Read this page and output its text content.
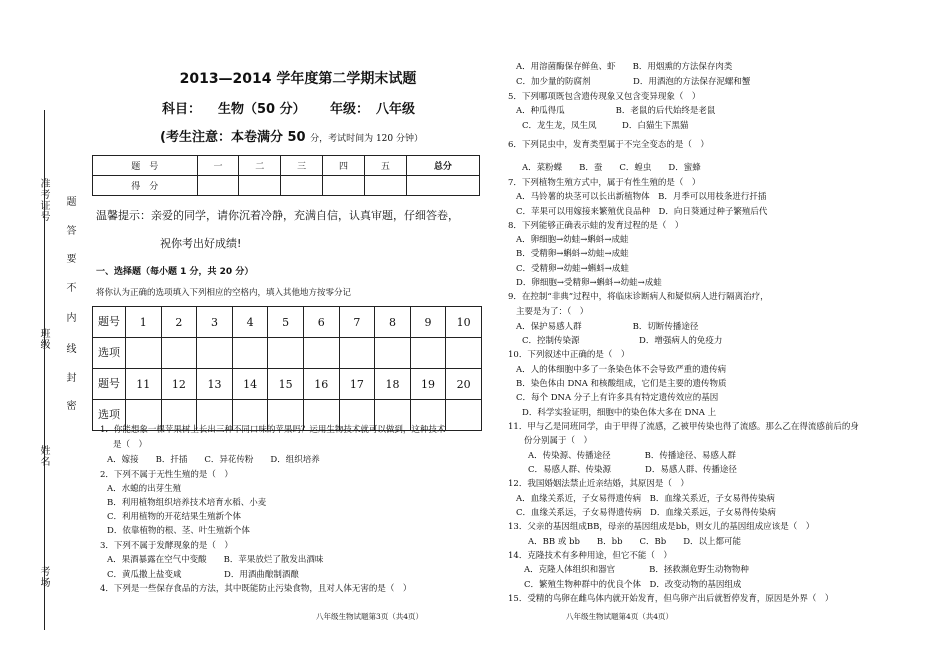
准考证号
班级
姓名
考场
题
答
要
不
内
线
封
密
2013—2014 学年度第二学期末试题
科目： 生物（50 分） 年级： 八年级
(考生注意：本卷满分 50 分，考试时间为 120 分钟）
题　号	一	二	三	四	五	总分
得　分						
温馨提示：亲爱的同学，请你沉着冷静，充满自信，认真审题，仔细答卷，
祝你考出好成绩!
一、选择题（每小题 1 分，共 20 分）
将你认为正确的选项填入下列相应的空格内，填入其他地方按零分记
题号	1	2	3	4	5	6	7	8	9	10
选项										
题号	11	12	13	14	15	16	17	18	19	20
选项										
1．你能想象一棵苹果树上长出三种不同口味的苹果吗？运用生物技术就可以做到，这种技术
是（　）
A．嫁接　　B．扦插　　C．异花传粉　　D．组织培养
2．下列不属于无性生殖的是（　）
A．水螅的出芽生殖
B．利用植物组织培养技术培育水稻、小麦
C．利用植物的开花结果生殖新个体
D．依靠植物的根、茎、叶生殖新个体
3．下列不属于发酵现象的是（　）
A．果酒暴露在空气中变酸　　B．苹果放烂了散发出酒味
C．黄瓜撒上盐变咸　　　　　D．用酒曲酿制酒酿
4．下列是一些保存食品的方法，其中既能防止污染食物，且对人体无害的是（　）
A．用溶菌酶保存鲜鱼、虾　　B．用烟熏的方法保存肉类
C．加少量的防腐剂　　　　　D．用酒泡的方法保存泥螺和蟹
5．下列哪项既包含遗传现象又包含变异现象（　）
A．种瓜得瓜　　　　　　B．老鼠的后代始终是老鼠
C．龙生龙，凤生凤　　　D．白猫生下黑猫
6．下列昆虫中，发育类型属于不完全变态的是（　）
A．菜粉蝶　　B．蚕　　C．蝗虫　　D．蜜蜂
7．下列植物生殖方式中，属于有性生殖的是（　）
A．马铃薯的块茎可以长出新植物体　B．月季可以用枝条进行扦插
C．苹果可以用嫁接来繁殖优良品种　D．向日葵通过种子繁殖后代
8．下列能够正确表示蛙的发育过程的是（　）
A．卵细胞→幼蛙→蝌蚪→成蛙
B．受精卵→蝌蚪→幼蛙→成蛙
C．受精卵→幼蛙→蝌蚪→成蛙
D．卵细胞→受精卵→蝌蚪→幼蛙→成蛙
9．在控制“非典”过程中，将临床诊断病人和疑似病人进行隔离治疗，
主要是为了：（　）
A．保护易感人群　　　　　　B．切断传播途径
C．控制传染源　　　　　　　D．增强病人的免疫力
10．下列叙述中正确的是（　）
A．人的体细胞中多了一条染色体不会导致严重的遗传病
B．染色体由 DNA 和核酸组成，它们是主要的遗传物质
C．每个 DNA 分子上有许多具有特定遗传效应的基因
D．科学实验证明，细胞中的染色体大多在 DNA 上
11．甲与乙是同班同学，由于甲得了流感，乙被甲传染也得了流感。那么乙在得流感前后的身
份分别属于（　）
A．传染源、传播途径　　　　B．传播途径、易感人群
C．易感人群、传染源　　　　D．易感人群、传播途径
12．我国婚姻法禁止近亲结婚，其原因是（　）
A．血缘关系近，子女易得遗传病　B．血缘关系近，子女易得传染病
C．血缘关系远，子女易得遗传病　D．血缘关系远，子女易得传染病
13．父亲的基因组成BB，母亲的基因组成是bb，则女儿的基因组成应该是（　）
A．BB 或 bb　　B．bb　　C．Bb　　D．以上都可能
14．克隆技术有多种用途，但它不能（　）
A．克隆人体组织和器官　　　　B．拯救濒危野生动物物种
C．繁殖生物种群中的优良个体　D．改变动物的基因组成
15．受精的鸟卵在雌鸟体内就开始发育，但鸟卵产出后就暂停发育，原因是外界（　）
八年级生物试题第3页（共4页）	八年级生物试题第4页（共4页）
